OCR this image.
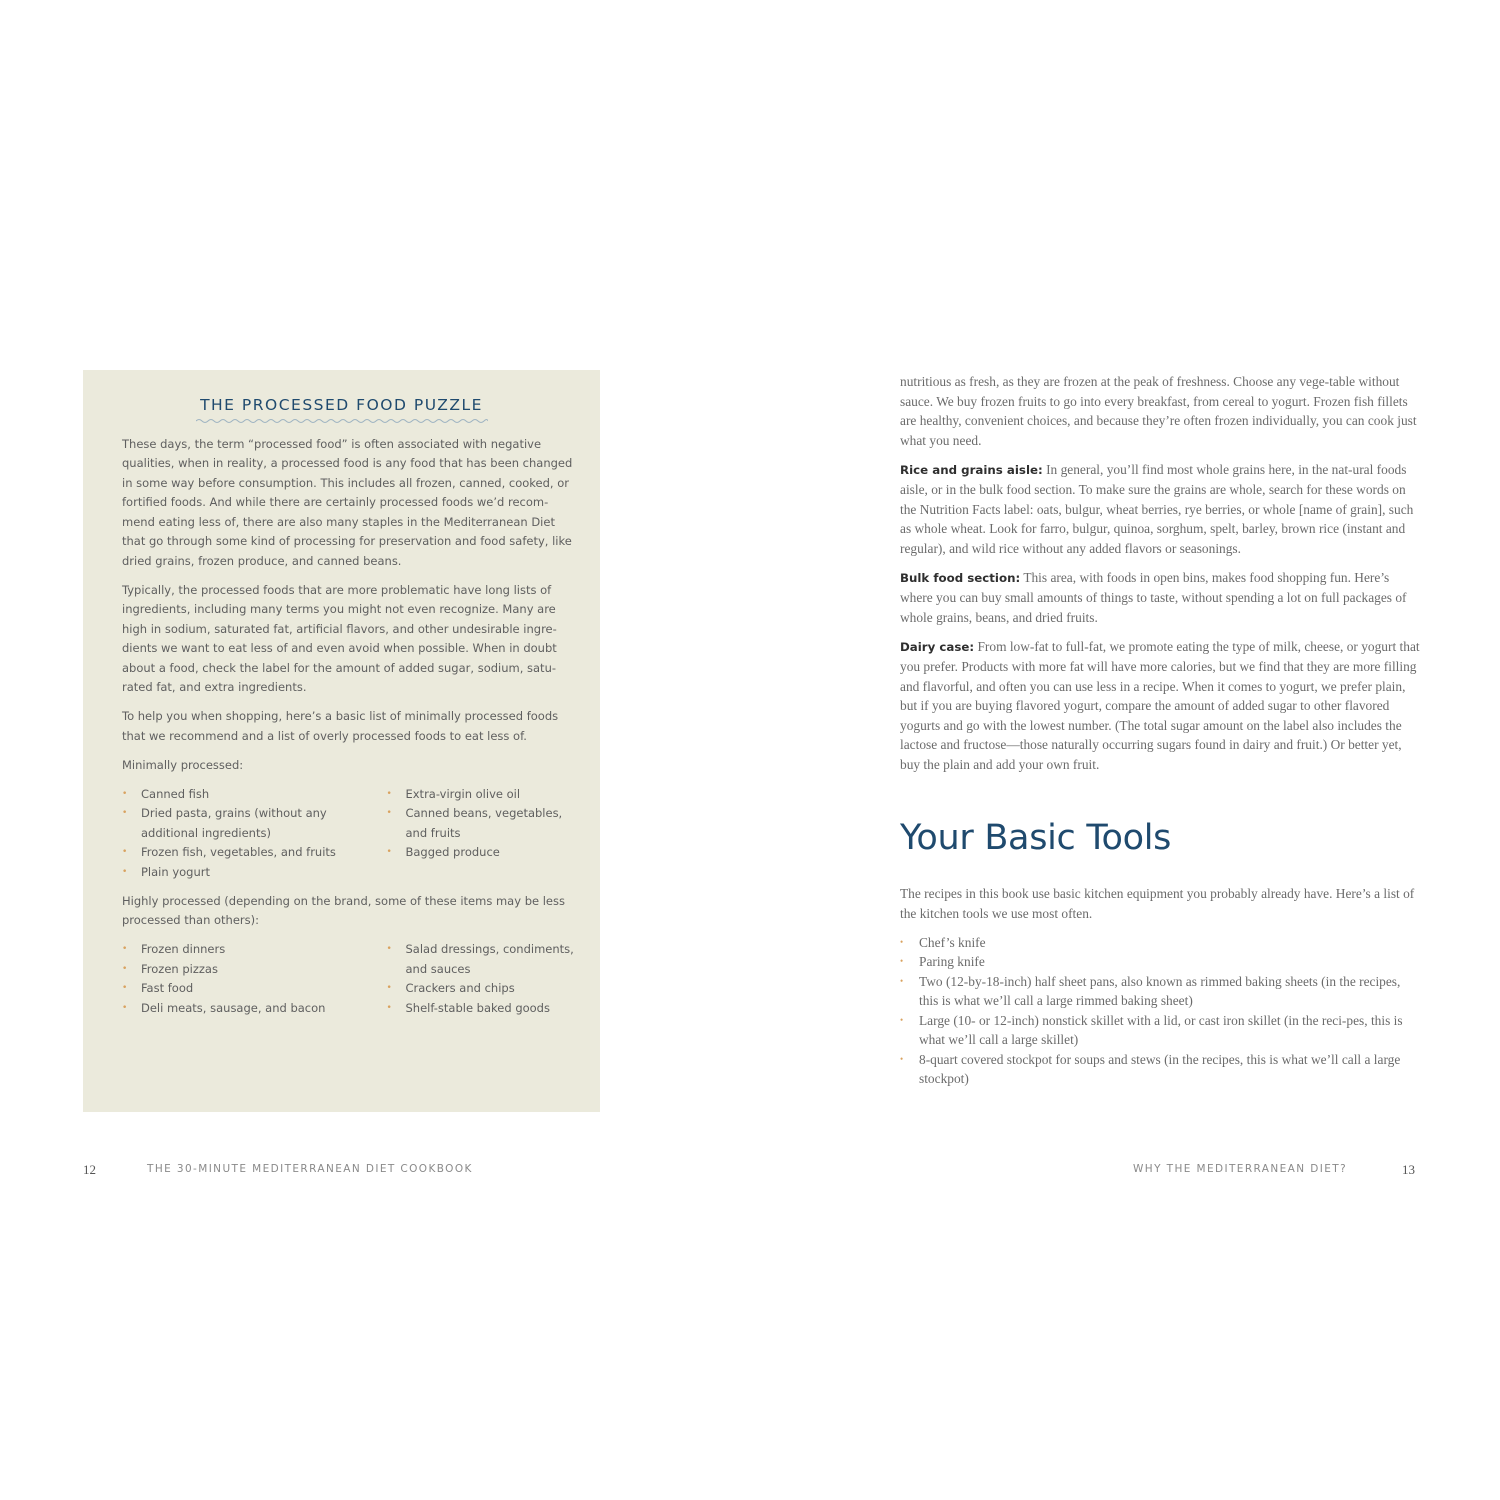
THE PROCESSED FOOD PUZZLE

These days, the term “processed food” is often associated with negative qualities, when in reality, a processed food is any food that has been changed in some way before consumption. This includes all frozen, canned, cooked, or fortified foods. And while there are certainly processed foods we’d recom-mend eating less of, there are also many staples in the Mediterranean Diet that go through some kind of processing for preservation and food safety, like dried grains, frozen produce, and canned beans.

Typically, the processed foods that are more problematic have long lists of ingredients, including many terms you might not even recognize. Many are high in sodium, saturated fat, artificial flavors, and other undesirable ingre-dients we want to eat less of and even avoid when possible. When in doubt about a food, check the label for the amount of added sugar, sodium, satu-rated fat, and extra ingredients.

To help you when shopping, here’s a basic list of minimally processed foods that we recommend and a list of overly processed foods to eat less of.

Minimally processed:

• Canned fish
• Dried pasta, grains (without any additional ingredients)
• Frozen fish, vegetables, and fruits
• Plain yogurt
• Extra-virgin olive oil
• Canned beans, vegetables, and fruits
• Bagged produce

Highly processed (depending on the brand, some of these items may be less processed than others):

• Frozen dinners
• Frozen pizzas
• Fast food
• Deli meats, sausage, and bacon
• Salad dressings, condiments, and sauces
• Crackers and chips
• Shelf-stable baked goods
12	THE 30-MINUTE MEDITERRANEAN DIET COOKBOOK

nutritious as fresh, as they are frozen at the peak of freshness. Choose any vege-table without sauce. We buy frozen fruits to go into every breakfast, from cereal to yogurt. Frozen fish fillets are healthy, convenient choices, and because they’re often frozen individually, you can cook just what you need.

Rice and grains aisle: In general, you’ll find most whole grains here, in the nat-ural foods aisle, or in the bulk food section. To make sure the grains are whole, search for these words on the Nutrition Facts label: oats, bulgur, wheat berries, rye berries, or whole [name of grain], such as whole wheat. Look for farro, bulgur, quinoa, sorghum, spelt, barley, brown rice (instant and regular), and wild rice without any added flavors or seasonings.

Bulk food section: This area, with foods in open bins, makes food shopping fun. Here’s where you can buy small amounts of things to taste, without spending a lot on full packages of whole grains, beans, and dried fruits.

Dairy case: From low-fat to full-fat, we promote eating the type of milk, cheese, or yogurt that you prefer. Products with more fat will have more calories, but we find that they are more filling and flavorful, and often you can use less in a recipe. When it comes to yogurt, we prefer plain, but if you are buying flavored yogurt, compare the amount of added sugar to other flavored yogurts and go with the lowest number. (The total sugar amount on the label also includes the lactose and fructose—those naturally occurring sugars found in dairy and fruit.) Or better yet, buy the plain and add your own fruit.

Your Basic Tools

The recipes in this book use basic kitchen equipment you probably already have. Here’s a list of the kitchen tools we use most often.

• Chef’s knife
• Paring knife
• Two (12-by-18-inch) half sheet pans, also known as rimmed baking sheets (in the recipes, this is what we’ll call a large rimmed baking sheet)
• Large (10- or 12-inch) nonstick skillet with a lid, or cast iron skillet (in the reci-pes, this is what we’ll call a large skillet)
• 8-quart covered stockpot for soups and stews (in the recipes, this is what we’ll call a large stockpot)
WHY THE MEDITERRANEAN DIET?	13
